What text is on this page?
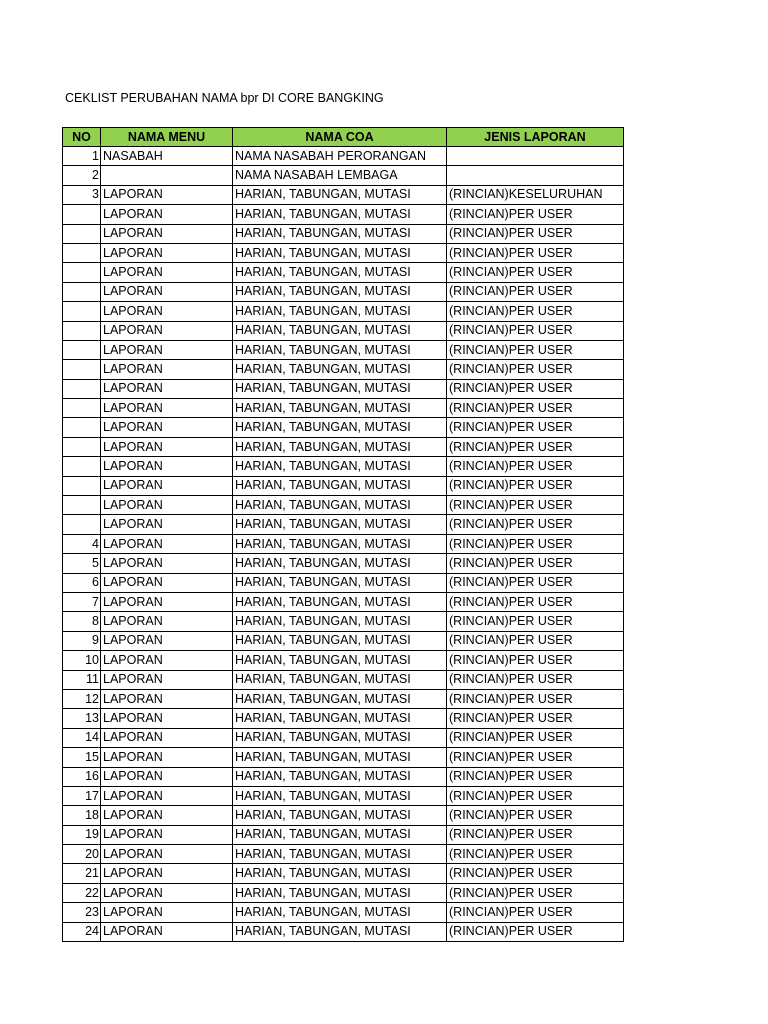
CEKLIST PERUBAHAN NAMA bpr DI CORE BANGKING
NO	NAMA MENU	NAMA COA	JENIS LAPORAN
1	NASABAH	NAMA NASABAH PERORANGAN	
2		NAMA NASABAH LEMBAGA	
3	LAPORAN	HARIAN, TABUNGAN, MUTASI	(RINCIAN)KESELURUHAN
	LAPORAN	HARIAN, TABUNGAN, MUTASI	(RINCIAN)PER USER
	LAPORAN	HARIAN, TABUNGAN, MUTASI	(RINCIAN)PER USER
	LAPORAN	HARIAN, TABUNGAN, MUTASI	(RINCIAN)PER USER
	LAPORAN	HARIAN, TABUNGAN, MUTASI	(RINCIAN)PER USER
	LAPORAN	HARIAN, TABUNGAN, MUTASI	(RINCIAN)PER USER
	LAPORAN	HARIAN, TABUNGAN, MUTASI	(RINCIAN)PER USER
	LAPORAN	HARIAN, TABUNGAN, MUTASI	(RINCIAN)PER USER
	LAPORAN	HARIAN, TABUNGAN, MUTASI	(RINCIAN)PER USER
	LAPORAN	HARIAN, TABUNGAN, MUTASI	(RINCIAN)PER USER
	LAPORAN	HARIAN, TABUNGAN, MUTASI	(RINCIAN)PER USER
	LAPORAN	HARIAN, TABUNGAN, MUTASI	(RINCIAN)PER USER
	LAPORAN	HARIAN, TABUNGAN, MUTASI	(RINCIAN)PER USER
	LAPORAN	HARIAN, TABUNGAN, MUTASI	(RINCIAN)PER USER
	LAPORAN	HARIAN, TABUNGAN, MUTASI	(RINCIAN)PER USER
	LAPORAN	HARIAN, TABUNGAN, MUTASI	(RINCIAN)PER USER
	LAPORAN	HARIAN, TABUNGAN, MUTASI	(RINCIAN)PER USER
	LAPORAN	HARIAN, TABUNGAN, MUTASI	(RINCIAN)PER USER
4	LAPORAN	HARIAN, TABUNGAN, MUTASI	(RINCIAN)PER USER
5	LAPORAN	HARIAN, TABUNGAN, MUTASI	(RINCIAN)PER USER
6	LAPORAN	HARIAN, TABUNGAN, MUTASI	(RINCIAN)PER USER
7	LAPORAN	HARIAN, TABUNGAN, MUTASI	(RINCIAN)PER USER
8	LAPORAN	HARIAN, TABUNGAN, MUTASI	(RINCIAN)PER USER
9	LAPORAN	HARIAN, TABUNGAN, MUTASI	(RINCIAN)PER USER
10	LAPORAN	HARIAN, TABUNGAN, MUTASI	(RINCIAN)PER USER
11	LAPORAN	HARIAN, TABUNGAN, MUTASI	(RINCIAN)PER USER
12	LAPORAN	HARIAN, TABUNGAN, MUTASI	(RINCIAN)PER USER
13	LAPORAN	HARIAN, TABUNGAN, MUTASI	(RINCIAN)PER USER
14	LAPORAN	HARIAN, TABUNGAN, MUTASI	(RINCIAN)PER USER
15	LAPORAN	HARIAN, TABUNGAN, MUTASI	(RINCIAN)PER USER
16	LAPORAN	HARIAN, TABUNGAN, MUTASI	(RINCIAN)PER USER
17	LAPORAN	HARIAN, TABUNGAN, MUTASI	(RINCIAN)PER USER
18	LAPORAN	HARIAN, TABUNGAN, MUTASI	(RINCIAN)PER USER
19	LAPORAN	HARIAN, TABUNGAN, MUTASI	(RINCIAN)PER USER
20	LAPORAN	HARIAN, TABUNGAN, MUTASI	(RINCIAN)PER USER
21	LAPORAN	HARIAN, TABUNGAN, MUTASI	(RINCIAN)PER USER
22	LAPORAN	HARIAN, TABUNGAN, MUTASI	(RINCIAN)PER USER
23	LAPORAN	HARIAN, TABUNGAN, MUTASI	(RINCIAN)PER USER
24	LAPORAN	HARIAN, TABUNGAN, MUTASI	(RINCIAN)PER USER
